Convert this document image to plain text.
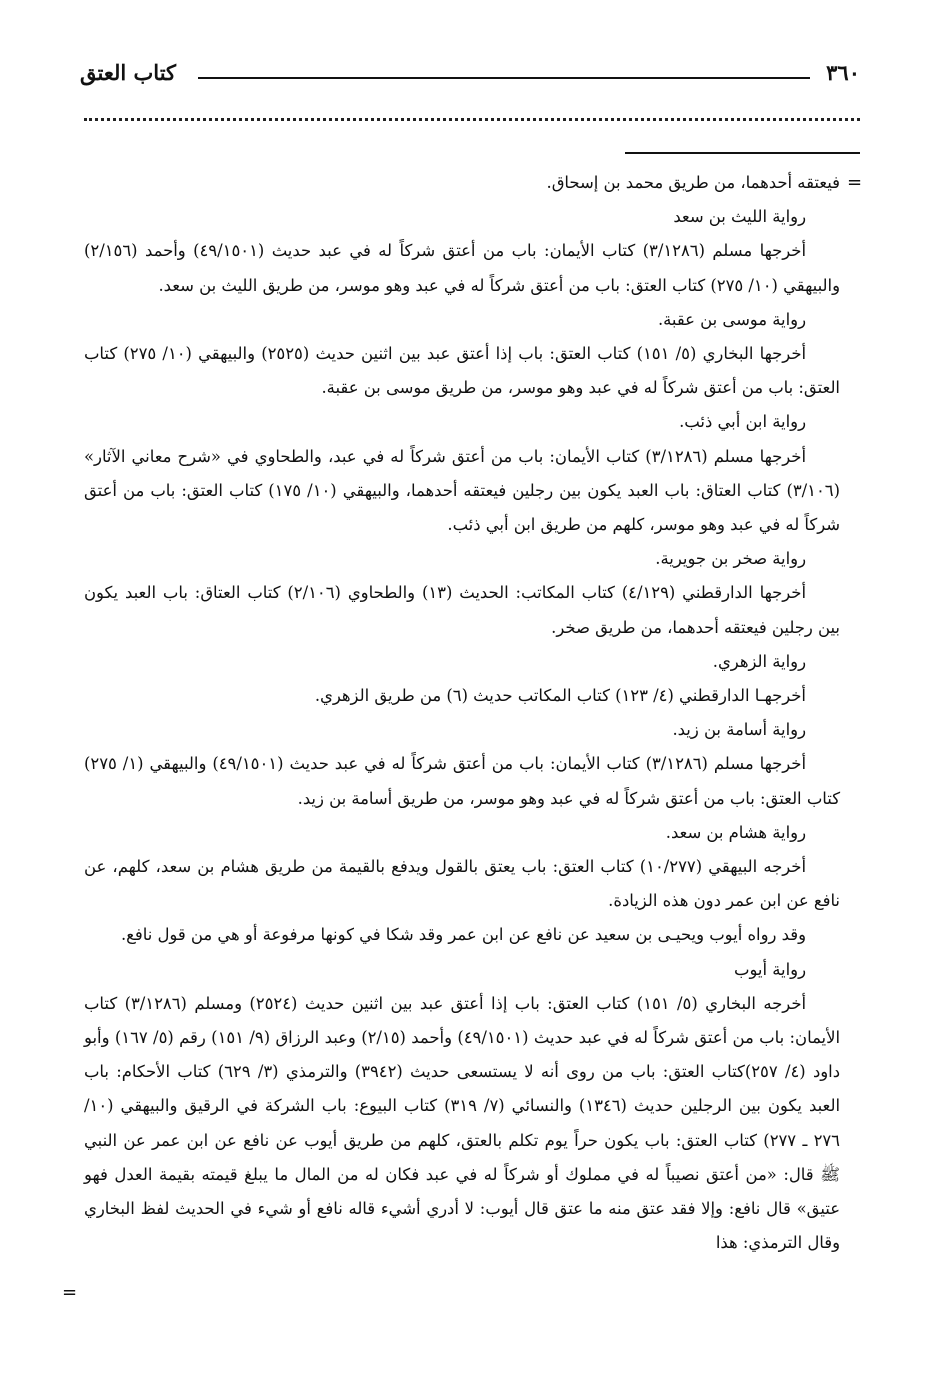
٣٦٠
كتاب العتق
=
=

فيعتقه أحدهما، من طريق محمد بن إسحاق.

رواية الليث بن سعد

أخرجها مسلم (٣/١٢٨٦) كتاب الأيمان: باب من أعتق شركاً له في عبد حديث (٤٩/١٥٠١) وأحمد (٢/١٥٦) والبيهقي (١٠/ ٢٧٥) كتاب العتق: باب من أعتق شركاً له في عبد وهو موسر، من طريق الليث بن سعد.

رواية موسى بن عقبة.

أخرجها البخاري (٥/ ١٥١) كتاب العتق: باب إذا أعتق عبد بين اثنين حديث (٢٥٢٥) والبيهقي (١٠/ ٢٧٥) كتاب العتق: باب من أعتق شركاً له في عبد وهو موسر، من طريق موسى بن عقبة.

رواية ابن أبي ذئب.

أخرجها مسلم (٣/١٢٨٦) كتاب الأيمان: باب من أعتق شركاً له في عبد، والطحاوي في «شرح معاني الآثار» (٣/١٠٦) كتاب العتاق: باب العبد يكون بين رجلين فيعتقه أحدهما، والبيهقي (١٠/ ١٧٥) كتاب العتق: باب من أعتق شركاً له في عبد وهو موسر، كلهم من طريق ابن أبي ذئب.

رواية صخر بن جويرية.

أخرجها الدارقطني (٤/١٢٩) كتاب المكاتب: الحديث (١٣) والطحاوي (٢/١٠٦) كتاب العتاق: باب العبد يكون بين رجلين فيعتقه أحدهما، من طريق صخر.

رواية الزهري.

أخرجهـا الدارقطني (٤/ ١٢٣) كتاب المكاتب حديث (٦) من طريق الزهري.

رواية أسامة بن زيد.

أخرجها مسلم (٣/١٢٨٦) كتاب الأيمان: باب من أعتق شركاً له في عبد حديث (٤٩/١٥٠١) والبيهقي (١/ ٢٧٥) كتاب العتق: باب من أعتق شركاً له في عبد وهو موسر، من طريق أسامة بن زيد.

رواية هشام بن سعد.

أخرجه البيهقي (١٠/٢٧٧) كتاب العتق: باب يعتق بالقول ويدفع بالقيمة من طريق هشام بن سعد، كلهم، عن نافع عن ابن عمر دون هذه الزيادة.

وقد رواه أيوب ويحيـى بن سعيد عن نافع عن ابن عمر وقد شكا في كونها مرفوعة أو هي من قول نافع.

رواية أيوب

أخرجه البخاري (٥/ ١٥١) كتاب العتق: باب إذا أعتق عبد بين اثنين حديث (٢٥٢٤) ومسلم (٣/١٢٨٦) كتاب الأيمان: باب من أعتق شركاً له في عبد حديث (٤٩/١٥٠١) وأحمد (٢/١٥) وعبد الرزاق (٩/ ١٥١) رقم (٥/ ١٦٧) وأبو داود (٤/ ٢٥٧)كتاب العتق: باب من روى أنه لا يستسعى حديث (٣٩٤٢) والترمذي (٣/ ٦٢٩) كتاب الأحكام: باب العبد يكون بين الرجلين حديث (١٣٤٦) والنسائي (٧/ ٣١٩) كتاب البيوع: باب الشركة في الرقيق والبيهقي (١٠/ ٢٧٦ ـ ٢٧٧) كتاب العتق: باب يكون حراً يوم تكلم بالعتق، كلهم من طريق أيوب عن نافع عن ابن عمر عن النبي ﷺ قال: «من أعتق نصيباً له في مملوك أو شركاً له في عبد فكان له من المال ما يبلغ قيمته بقيمة العدل فهو عتيق» قال نافع: وإلا فقد عتق منه ما عتق قال أيوب: لا أدري أشيء قاله نافع أو شيء في الحديث لفظ البخاري وقال الترمذي: هذا
